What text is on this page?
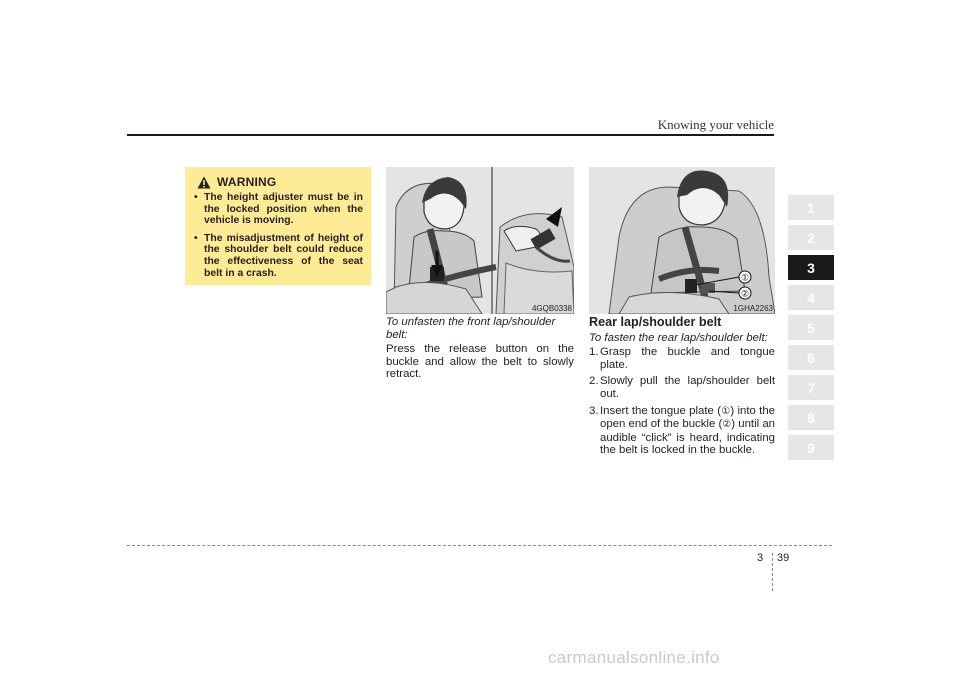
Knowing your vehicle
WARNING
• The height adjuster must be in the locked position when the vehicle is moving.
• The misadjustment of height of the shoulder belt could reduce the effectiveness of the seat belt in a crash.
4GQB0338
①
②
1GHA2263

To unfasten the front lap/shoulder belt:

Press the release button on the buckle and allow the belt to slowly retract.

Rear lap/shoulder belt

To fasten the rear lap/shoulder belt:

1. Grasp the buckle and tongue plate.
2. Slowly pull the lap/shoulder belt out.
3. Insert the tongue plate (①) into the open end of the buckle (②) until an audible “click” is heard, indicating the belt is locked in the buckle.
1
2
3
4
5
6
7
8
9
3 39
carmanualsonline.info
